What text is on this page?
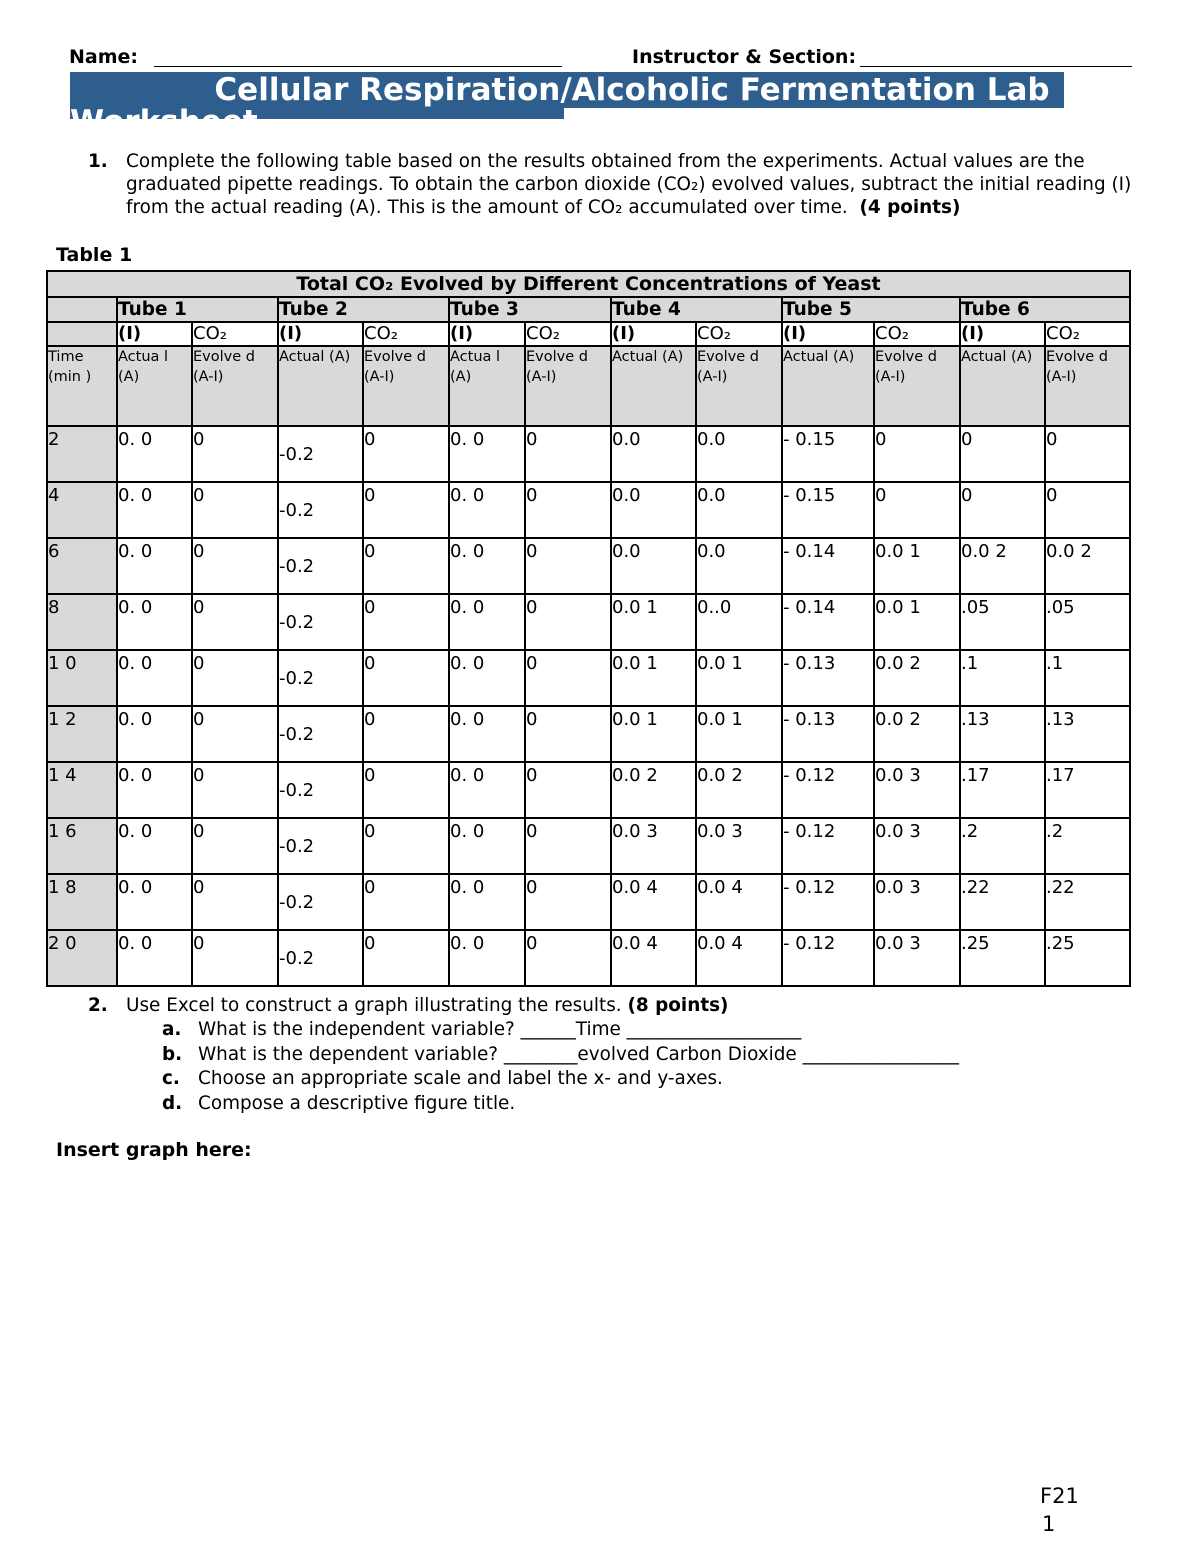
Name:	Instructor & Section:
Cellular Respiration/Alcoholic Fermentation Lab
Worksheet
1. Complete the following table based on the results obtained from the experiments. Actual values are the graduated pipette readings. To obtain the carbon dioxide (CO₂) evolved values, subtract the initial reading (I) from the actual reading (A). This is the amount of CO₂ accumulated over time. (4 points)
Table 1
Total CO₂ Evolved by Different Concentrations of Yeast												
	Tube 1		Tube 2		Tube 3		Tube 4		Tube 5		Tube 6	
	(I)	CO₂	(I)	CO₂	(I)	CO₂	(I)	CO₂	(I)	CO₂	(I)	CO₂
Time (min )	Actua l (A)	Evolve d (A-I)	Actual (A)	Evolve d (A-I)	Actua l (A)	Evolve d (A-I)	Actual (A)	Evolve d (A-I)	Actual (A)	Evolve d (A-I)	Actual (A)	Evolve d (A-I)
2	0. 0	0	-0.2	0	0. 0	0	0.0	0.0	- 0.15	0	0	0
4	0. 0	0	-0.2	0	0. 0	0	0.0	0.0	- 0.15	0	0	0
6	0. 0	0	-0.2	0	0. 0	0	0.0	0.0	- 0.14	0.0 1	0.0 2	0.0 2
8	0. 0	0	-0.2	0	0. 0	0	0.0 1	0..0	- 0.14	0.0 1	.05	.05
1 0	0. 0	0	-0.2	0	0. 0	0	0.0 1	0.0 1	- 0.13	0.0 2	.1	.1
1 2	0. 0	0	-0.2	0	0. 0	0	0.0 1	0.0 1	- 0.13	0.0 2	.13	.13
1 4	0. 0	0	-0.2	0	0. 0	0	0.0 2	0.0 2	- 0.12	0.0 3	.17	.17
1 6	0. 0	0	-0.2	0	0. 0	0	0.0 3	0.0 3	- 0.12	0.0 3	.2	.2
1 8	0. 0	0	-0.2	0	0. 0	0	0.0 4	0.0 4	- 0.12	0.0 3	.22	.22
2 0	0. 0	0	-0.2	0	0. 0	0	0.0 4	0.0 4	- 0.12	0.0 3	.25	.25
2. Use Excel to construct a graph illustrating the results. (8 points)
a. What is the independent variable? ______Time ___________________
b. What is the dependent variable? ________evolved Carbon Dioxide _________________
c. Choose an appropriate scale and label the x- and y-axes.
d. Compose a descriptive figure title.
Insert graph here:
F21
1
